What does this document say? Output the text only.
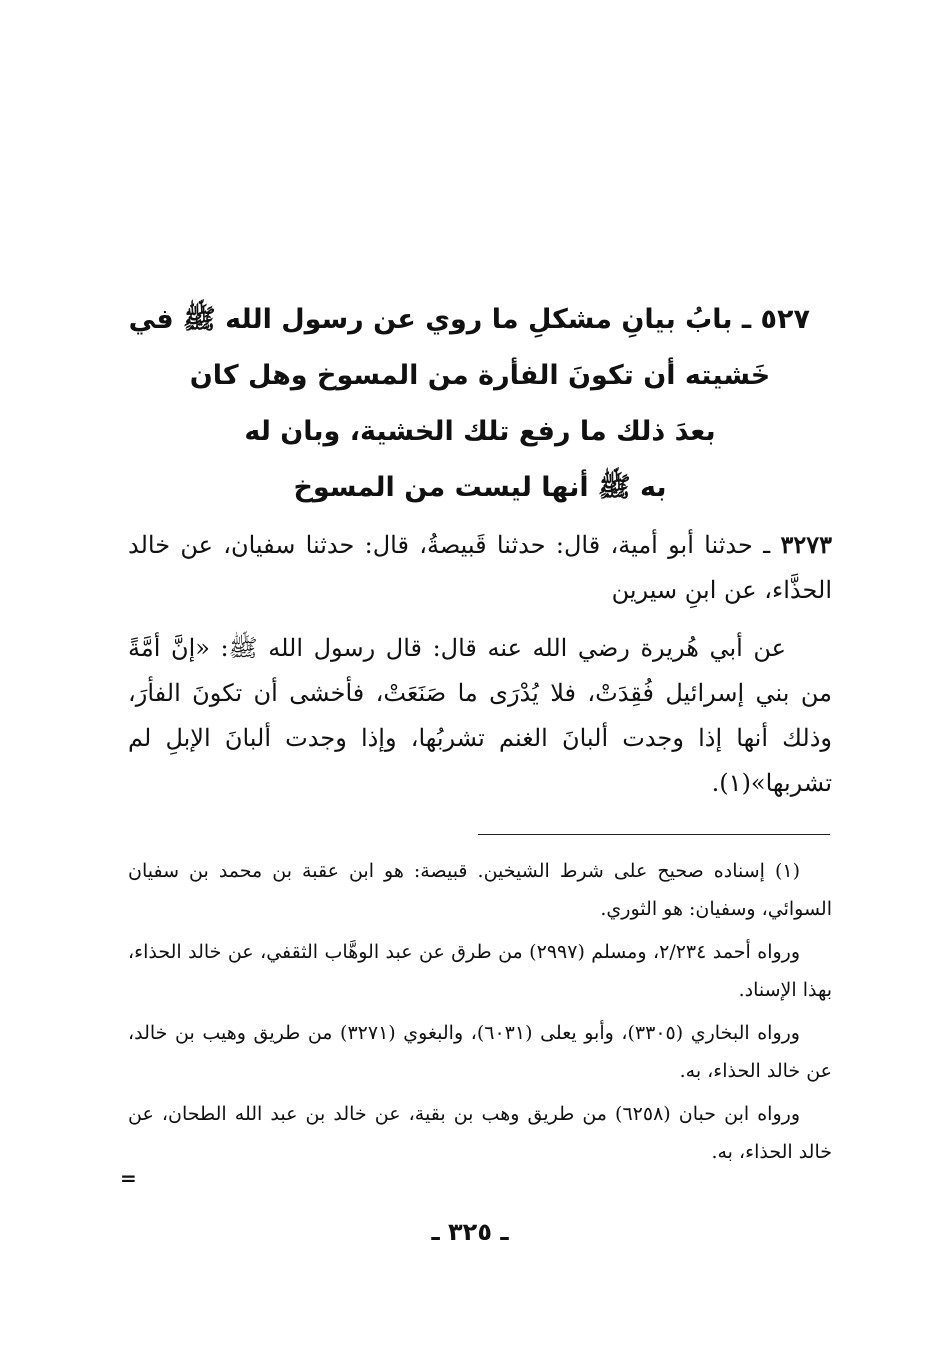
٥٢٧ ـ بابُ بيانِ مشكلِ ما روي عن رسول الله ﷺ في
خَشيته أن تكونَ الفأرة من المسوخ وهل كان
بعدَ ذلك ما رفع تلك الخشية، وبان له
به ﷺ أنها ليست من المسوخ
٣٢٧٣ ـ حدثنا أبو أمية، قال: حدثنا قَبيصةُ، قال: حدثنا سفيان، عن خالد الحذَّاء، عن ابنِ سيرين
عن أبي هُريرة رضي الله عنه قال: قال رسول الله ﷺ: «إنَّ أمَّةً من بني إسرائيل فُقِدَتْ، فلا يُدْرَى ما صَنَعَتْ، فأخشى أن تكونَ الفأرَ، وذلك أنها إذا وجدت ألبانَ الغنم تشربُها، وإذا وجدت ألبانَ الإبلِ لم تشربها»(١).

(١) إسناده صحيح على شرط الشيخين. قبيصة: هو ابن عقبة بن محمد بن سفيان السوائي، وسفيان: هو الثوري.

ورواه أحمد ٢/٢٣٤، ومسلم (٢٩٩٧) من طرق عن عبد الوهَّاب الثقفي، عن خالد الحذاء، بهذا الإسناد.

ورواه البخاري (٣٣٠٥)، وأبو يعلى (٦٠٣١)، والبغوي (٣٢٧١) من طريق وهيب بن خالد، عن خالد الحذاء، به.

ورواه ابن حبان (٦٢٥٨) من طريق وهب بن بقية، عن خالد بن عبد الله الطحان، عن خالد الحذاء، به.

=
ـ ٣٢٥ ـ
